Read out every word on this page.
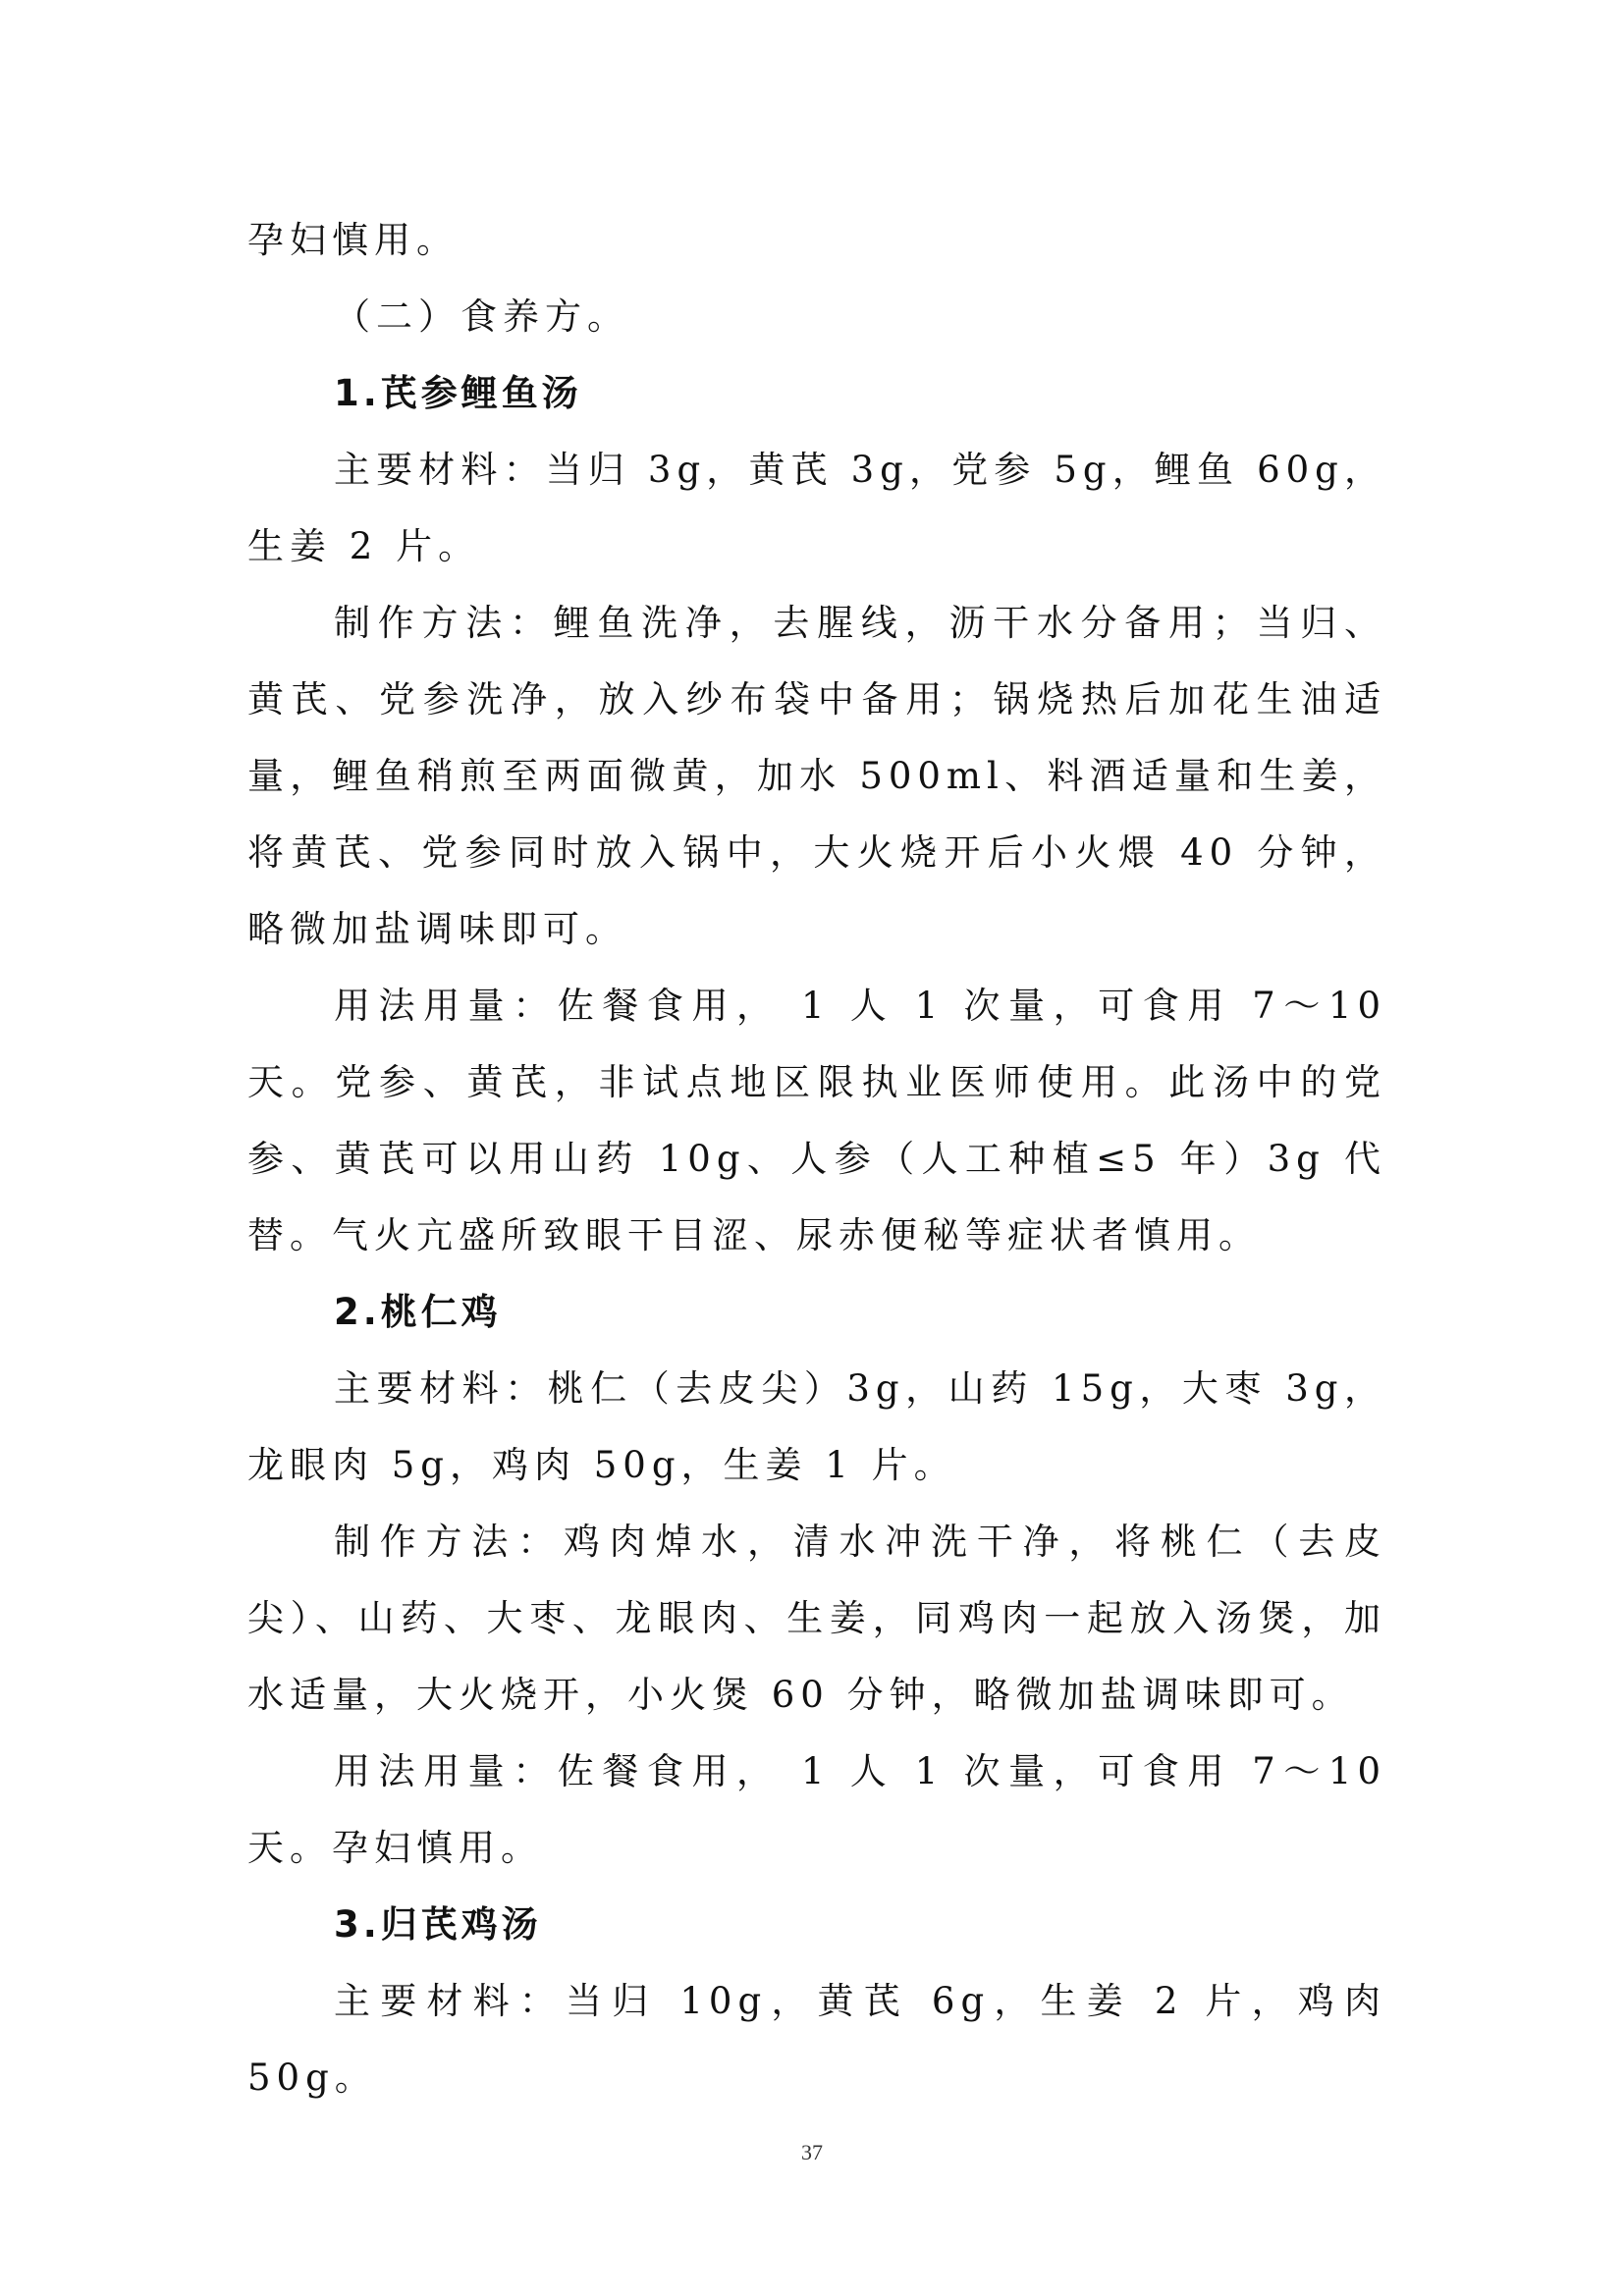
孕妇慎用。

（二）食养方。

1.芪参鲤鱼汤

主要材料：当归 3g，黄芪 3g，党参 5g，鲤鱼 60g，生姜 2 片。

制作方法：鲤鱼洗净，去腥线，沥干水分备用；当归、黄芪、党参洗净，放入纱布袋中备用；锅烧热后加花生油适量，鲤鱼稍煎至两面微黄，加水 500ml、料酒适量和生姜，将黄芪、党参同时放入锅中，大火烧开后小火煨 40 分钟，略微加盐调味即可。

用法用量：佐餐食用， 1 人 1 次量，可食用 7～10 天。党参、黄芪，非试点地区限执业医师使用。此汤中的党参、黄芪可以用山药 10g、人参（人工种植≤5 年）3g 代替。气火亢盛所致眼干目涩、尿赤便秘等症状者慎用。

2.桃仁鸡

主要材料：桃仁（去皮尖）3g，山药 15g，大枣 3g，龙眼肉 5g，鸡肉 50g，生姜 1 片。

制作方法：鸡肉焯水，清水冲洗干净，将桃仁（去皮尖）、山药、大枣、龙眼肉、生姜，同鸡肉一起放入汤煲，加水适量，大火烧开，小火煲 60 分钟，略微加盐调味即可。

用法用量：佐餐食用， 1 人 1 次量，可食用 7～10 天。孕妇慎用。

3.归芪鸡汤

主要材料：当归 10g，黄芪 6g，生姜 2 片，鸡肉 50g。

37
